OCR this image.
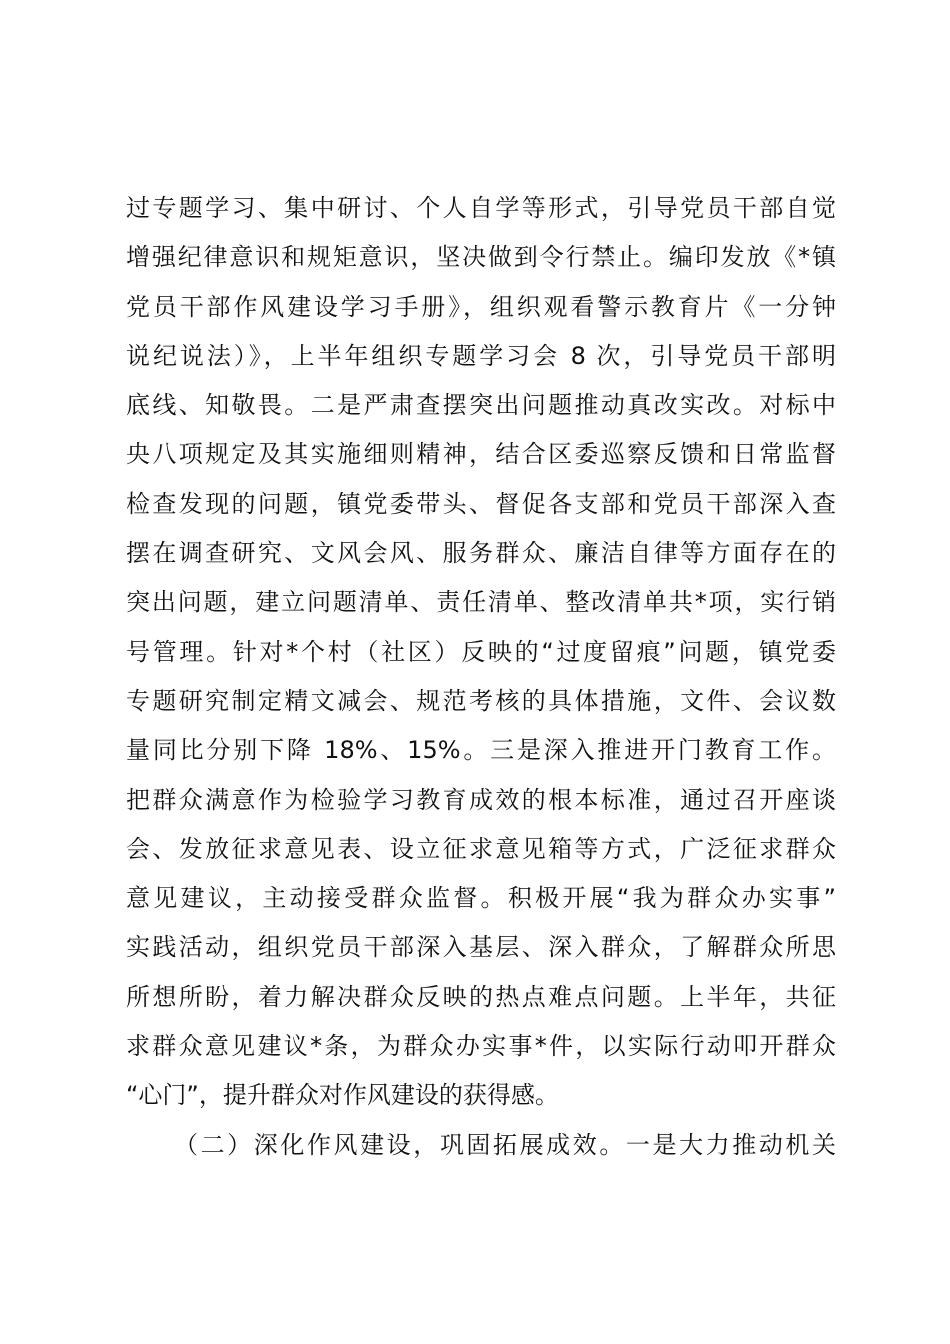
过专题学习、集中研讨、个人自学等形式，引导党员干部自觉
增强纪律意识和规矩意识，坚决做到令行禁止。编印发放《*镇
党员干部作风建设学习手册》，组织观看警示教育片《一分钟
说纪说法）》，上半年组织专题学习会 8 次，引导党员干部明
底线、知敬畏。二是严肃查摆突出问题推动真改实改。对标中
央八项规定及其实施细则精神，结合区委巡察反馈和日常监督
检查发现的问题，镇党委带头、督促各支部和党员干部深入查
摆在调查研究、文风会风、服务群众、廉洁自律等方面存在的
突出问题，建立问题清单、责任清单、整改清单共*项，实行销
号管理。针对*个村（社区）反映的“过度留痕”问题，镇党委
专题研究制定精文减会、规范考核的具体措施，文件、会议数
量同比分别下降 18%、15%。三是深入推进开门教育工作。
把群众满意作为检验学习教育成效的根本标准，通过召开座谈
会、发放征求意见表、设立征求意见箱等方式，广泛征求群众
意见建议，主动接受群众监督。积极开展“我为群众办实事”
实践活动，组织党员干部深入基层、深入群众，了解群众所思
所想所盼，着力解决群众反映的热点难点问题。上半年，共征
求群众意见建议*条，为群众办实事*件，以实际行动叩开群众
“心门”，提升群众对作风建设的获得感。
（二）深化作风建设，巩固拓展成效。一是大力推动机关
